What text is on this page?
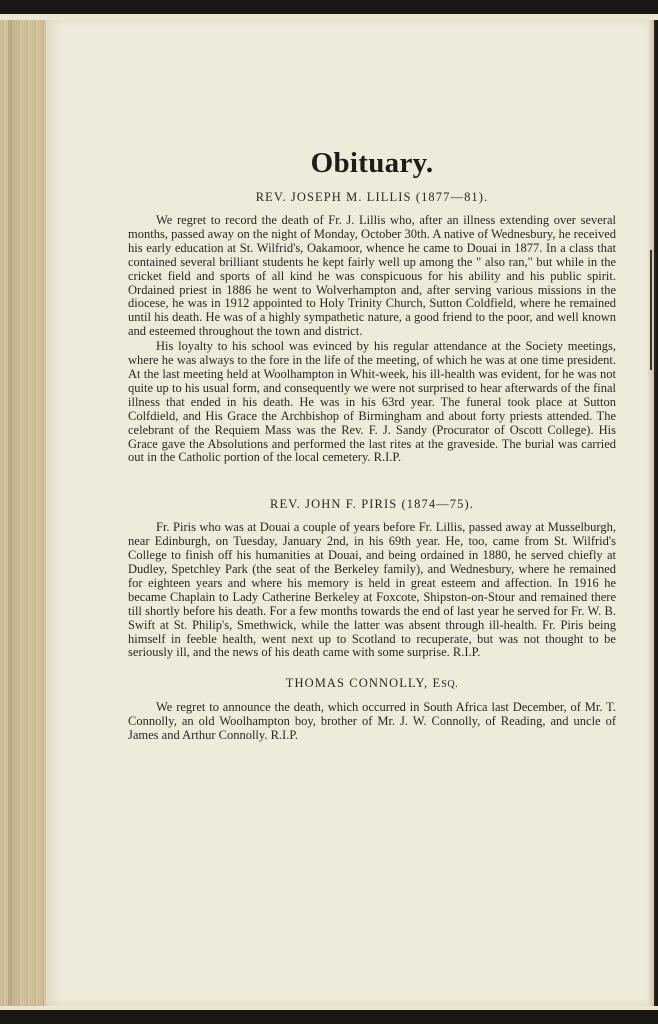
Obituary.
REV. JOSEPH M. LILLIS (1877—81).

We regret to record the death of Fr. J. Lillis who, after an illness extending over several months, passed away on the night of Monday, October 30th. A native of Wednesbury, he received his early education at St. Wilfrid's, Oakamoor, whence he came to Douai in 1877. In a class that contained several brilliant students he kept fairly well up among the " also ran," but while in the cricket field and sports of all kind he was conspicuous for his ability and his public spirit. Ordained priest in 1886 he went to Wolverhampton and, after serving various missions in the diocese, he was in 1912 appointed to Holy Trinity Church, Sutton Coldfield, where he remained until his death. He was of a highly sympathetic nature, a good friend to the poor, and well known and esteemed throughout the town and district.

His loyalty to his school was evinced by his regular attendance at the Society meetings, where he was always to the fore in the life of the meeting, of which he was at one time president. At the last meeting held at Woolhampton in Whit-week, his ill-health was evident, for he was not quite up to his usual form, and consequently we were not surprised to hear afterwards of the final illness that ended in his death. He was in his 63rd year. The funeral took place at Sutton Colfdield, and His Grace the Archbishop of Birmingham and about forty priests attended. The celebrant of the Requiem Mass was the Rev. F. J. Sandy (Procurator of Oscott College). His Grace gave the Absolutions and performed the last rites at the graveside. The burial was carried out in the Catholic portion of the local cemetery. R.I.P.

REV. JOHN F. PIRIS (1874—75).

Fr. Piris who was at Douai a couple of years before Fr. Lillis, passed away at Musselburgh, near Edinburgh, on Tuesday, January 2nd, in his 69th year. He, too, came from St. Wilfrid's College to finish off his humanities at Douai, and being ordained in 1880, he served chiefly at Dudley, Spetchley Park (the seat of the Berkeley family), and Wednesbury, where he remained for eighteen years and where his memory is held in great esteem and affection. In 1916 he became Chaplain to Lady Catherine Berkeley at Foxcote, Shipston-on-Stour and remained there till shortly before his death. For a few months towards the end of last year he served for Fr. W. B. Swift at St. Philip's, Smethwick, while the latter was absent through ill-health. Fr. Piris being himself in feeble health, went next up to Scotland to recuperate, but was not thought to be seriously ill, and the news of his death came with some surprise. R.I.P.

THOMAS CONNOLLY, ESQ.

We regret to announce the death, which occurred in South Africa last December, of Mr. T. Connolly, an old Woolhampton boy, brother of Mr. J. W. Connolly, of Reading, and uncle of James and Arthur Connolly. R.I.P.
